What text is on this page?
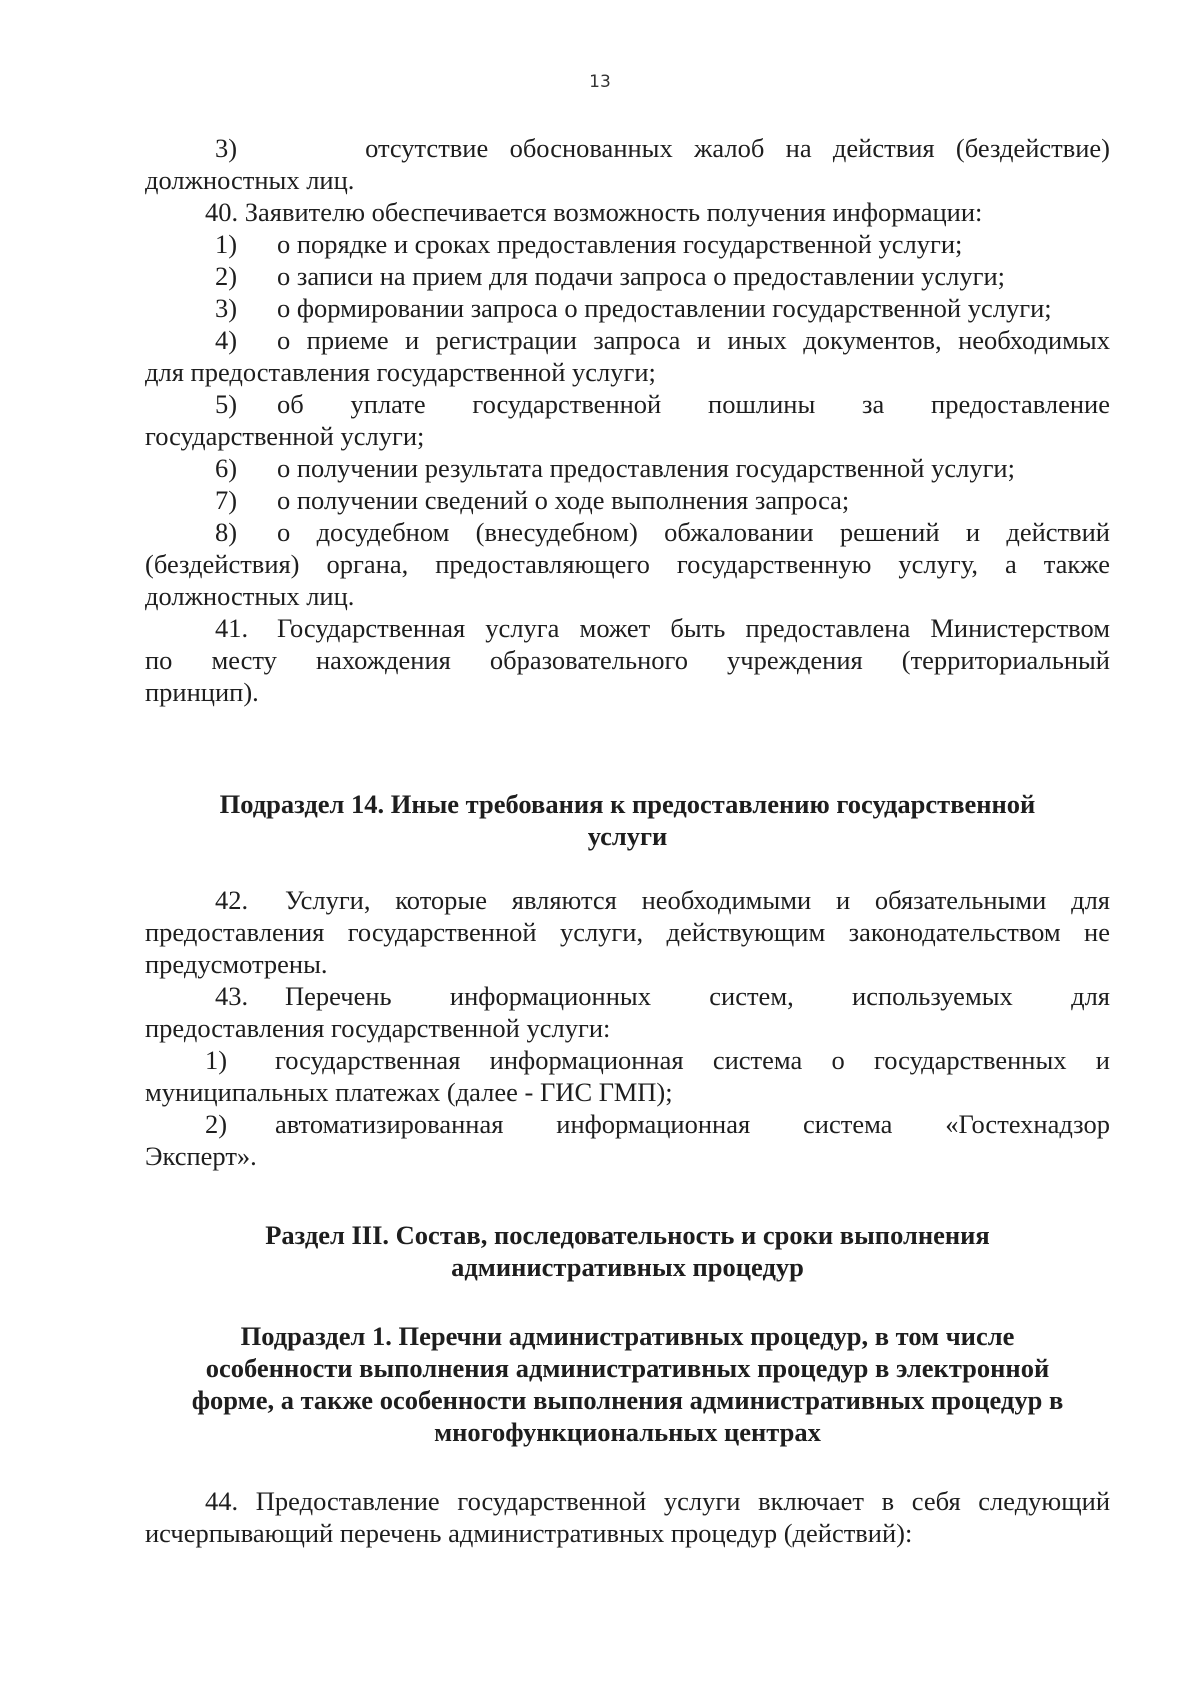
13
3)	отсутствие обоснованных жалоб на действия (бездействие)
должностных лиц.
40. Заявителю обеспечивается возможность получения информации:
1) о порядке и сроках предоставления государственной услуги;
2) о записи на прием для подачи запроса о предоставлении услуги;
3) о формировании запроса о предоставлении государственной услуги;
4) о приеме и регистрации запроса и иных документов, необходимых
для предоставления государственной услуги;
5) об уплате государственной пошлины за предоставление
государственной услуги;
6) о получении результата предоставления государственной услуги;
7) о получении сведений о ходе выполнения запроса;
8) о досудебном (внесудебном) обжаловании решений и действий
(бездействия) органа, предоставляющего государственную услугу, а также
должностных лиц.
41. Государственная услуга может быть предоставлена Министерством
по месту нахождения образовательного учреждения (территориальный
принцип).
Подраздел 14. Иные требования к предоставлению государственной
услуги
42. Услуги, которые являются необходимыми и обязательными для
предоставления государственной услуги, действующим законодательством не
предусмотрены.
43. Перечень информационных систем, используемых для
предоставления государственной услуги:
1) государственная информационная система о государственных и
муниципальных платежах (далее - ГИС ГМП);
2) автоматизированная информационная система «Гостехнадзор
Эксперт».
Раздел III. Состав, последовательность и сроки выполнения
административных процедур
Подраздел 1. Перечни административных процедур, в том числе
особенности выполнения административных процедур в электронной
форме, а также особенности выполнения административных процедур в
многофункциональных центрах
44. Предоставление государственной услуги включает в себя следующий
исчерпывающий перечень административных процедур (действий):
